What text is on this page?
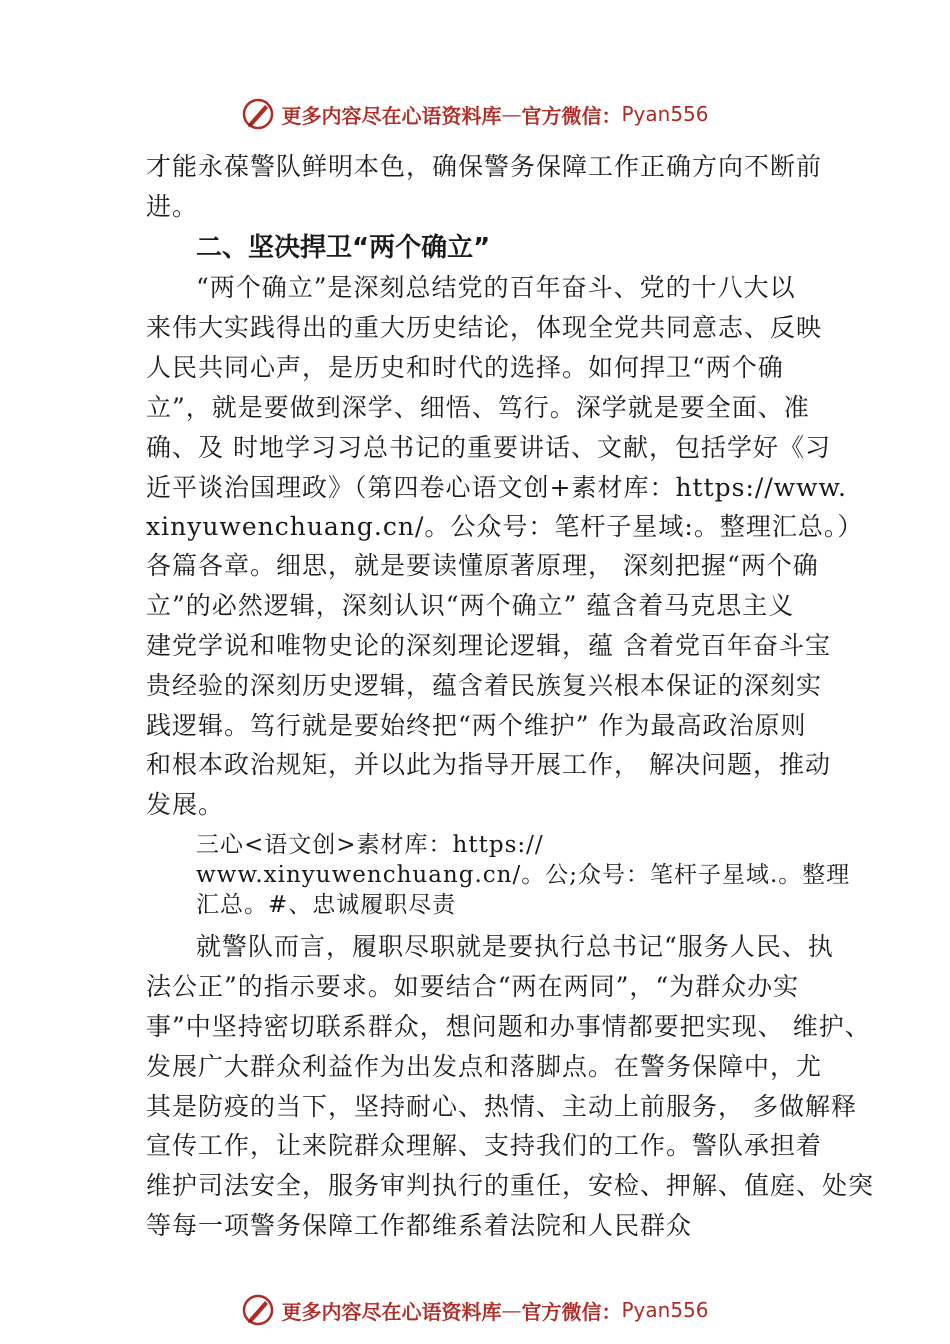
更多内容尽在心语资料库 — 官方微信： Pyan556
才能永葆警队鲜明本色，确保警务保障工作正确方向不断前
进。
二、坚决捍卫“两个确立”
“两个确立”是深刻总结党的百年奋斗、党的十八大以
来伟大实践得出的重大历史结论，体现全党共同意志、反映
人民共同心声，是历史和时代的选择。如何捍卫“两个确
立”，就是要做到深学、细悟、笃行。深学就是要全面、准
确、及 时地学习习总书记的重要讲话、文献，包括学好《习
近平谈治国理政》（第四卷心语文创+素材库：https://www.
xinyuwenchuang.cn/。公众号：笔杆子星域:。整理汇总。）
各篇各章。细思，就是要读懂原著原理， 深刻把握“两个确
立”的必然逻辑，深刻认识“两个确立” 蕴含着马克思主义
建党学说和唯物史论的深刻理论逻辑，蕴 含着党百年奋斗宝
贵经验的深刻历史逻辑，蕴含着民族复兴根本保证的深刻实
践逻辑。笃行就是要始终把“两个维护” 作为最高政治原则
和根本政治规矩，并以此为指导开展工作， 解决问题，推动
发展。
三心<语文创>素材库：https://
www.xinyuwenchuang.cn/。公;众号：笔杆子星域.。整理
汇总。#、忠诚履职尽责
就警队而言，履职尽职就是要执行总书记“服务人民、执
法公正”的指示要求。如要结合“两在两同”，“为群众办实
事”中坚持密切联系群众，想问题和办事情都要把实现、 维护、
发展广大群众利益作为出发点和落脚点。在警务保障中，尤
其是防疫的当下，坚持耐心、热情、主动上前服务， 多做解释
宣传工作，让来院群众理解、支持我们的工作。警队承担着
维护司法安全，服务审判执行的重任，安检、押解、值庭、处突
等每一项警务保障工作都维系着法院和人民群众
更多内容尽在心语资料库 — 官方微信： Pyan556
